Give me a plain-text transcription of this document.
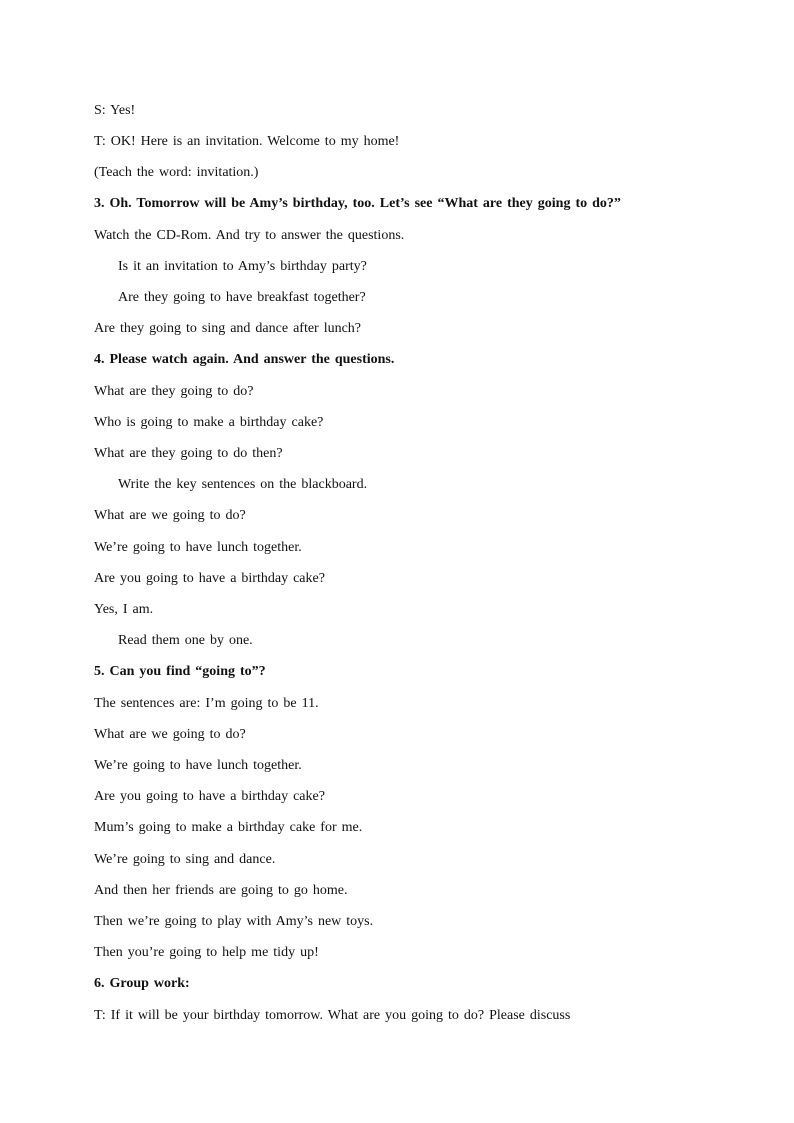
S: Yes!
T: OK! Here is an invitation. Welcome to my home!
(Teach the word: invitation.)
3. Oh. Tomorrow will be Amy’s birthday, too. Let’s see “What are they going to do?”
Watch the CD-Rom. And try to answer the questions.
Is it an invitation to Amy’s birthday party?
Are they going to have breakfast together?
Are they going to sing and dance after lunch?
4. Please watch again. And answer the questions.
What are they going to do?
Who is going to make a birthday cake?
What are they going to do then?
Write the key sentences on the blackboard.
What are we going to do?
We’re going to have lunch together.
Are you going to have a birthday cake?
Yes, I am.
Read them one by one.
5. Can you find “going to”?
The sentences are: I’m going to be 11.
What are we going to do?
We’re going to have lunch together.
Are you going to have a birthday cake?
Mum’s going to make a birthday cake for me.
We’re going to sing and dance.
And then her friends are going to go home.
Then we’re going to play with Amy’s new toys.
Then you’re going to help me tidy up!
6. Group work:
T: If it will be your birthday tomorrow. What are you going to do? Please discuss
